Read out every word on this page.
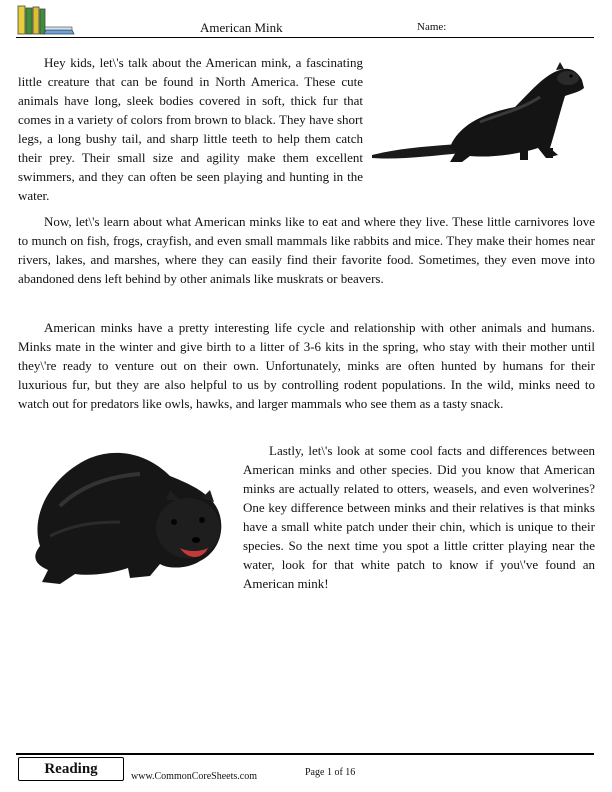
American Mink	Name:

Hey kids, let\'s talk about the American mink, a fascinating little creature that can be found in North America. These cute animals have long, sleek bodies covered in soft, thick fur that comes in a variety of colors from brown to black. They have short legs, a long bushy tail, and sharp little teeth to help them catch their prey. Their small size and agility make them excellent swimmers, and they can often be seen playing and hunting in the water.

Now, let\'s learn about what American minks like to eat and where they live. These little carnivores love to munch on fish, frogs, crayfish, and even small mammals like rabbits and mice. They make their homes near rivers, lakes, and marshes, where they can easily find their favorite food. Sometimes, they even move into abandoned dens left behind by other animals like muskrats or beavers.

American minks have a pretty interesting life cycle and relationship with other animals and humans. Minks mate in the winter and give birth to a litter of 3-6 kits in the spring, who stay with their mother until they\'re ready to venture out on their own. Unfortunately, minks are often hunted by humans for their luxurious fur, but they are also helpful to us by controlling rodent populations. In the wild, minks need to watch out for predators like owls, hawks, and larger mammals who see them as a tasty snack.

Lastly, let\'s look at some cool facts and differences between American minks and other species. Did you know that American minks are actually related to otters, weasels, and even wolverines? One key difference between minks and their relatives is that minks have a small white patch under their chin, which is unique to their species. So the next time you spot a little critter playing near the water, look for that white patch to know if you\'ve found an American mink!

Reading	www.CommonCoreSheets.com	Page 1 of 16
